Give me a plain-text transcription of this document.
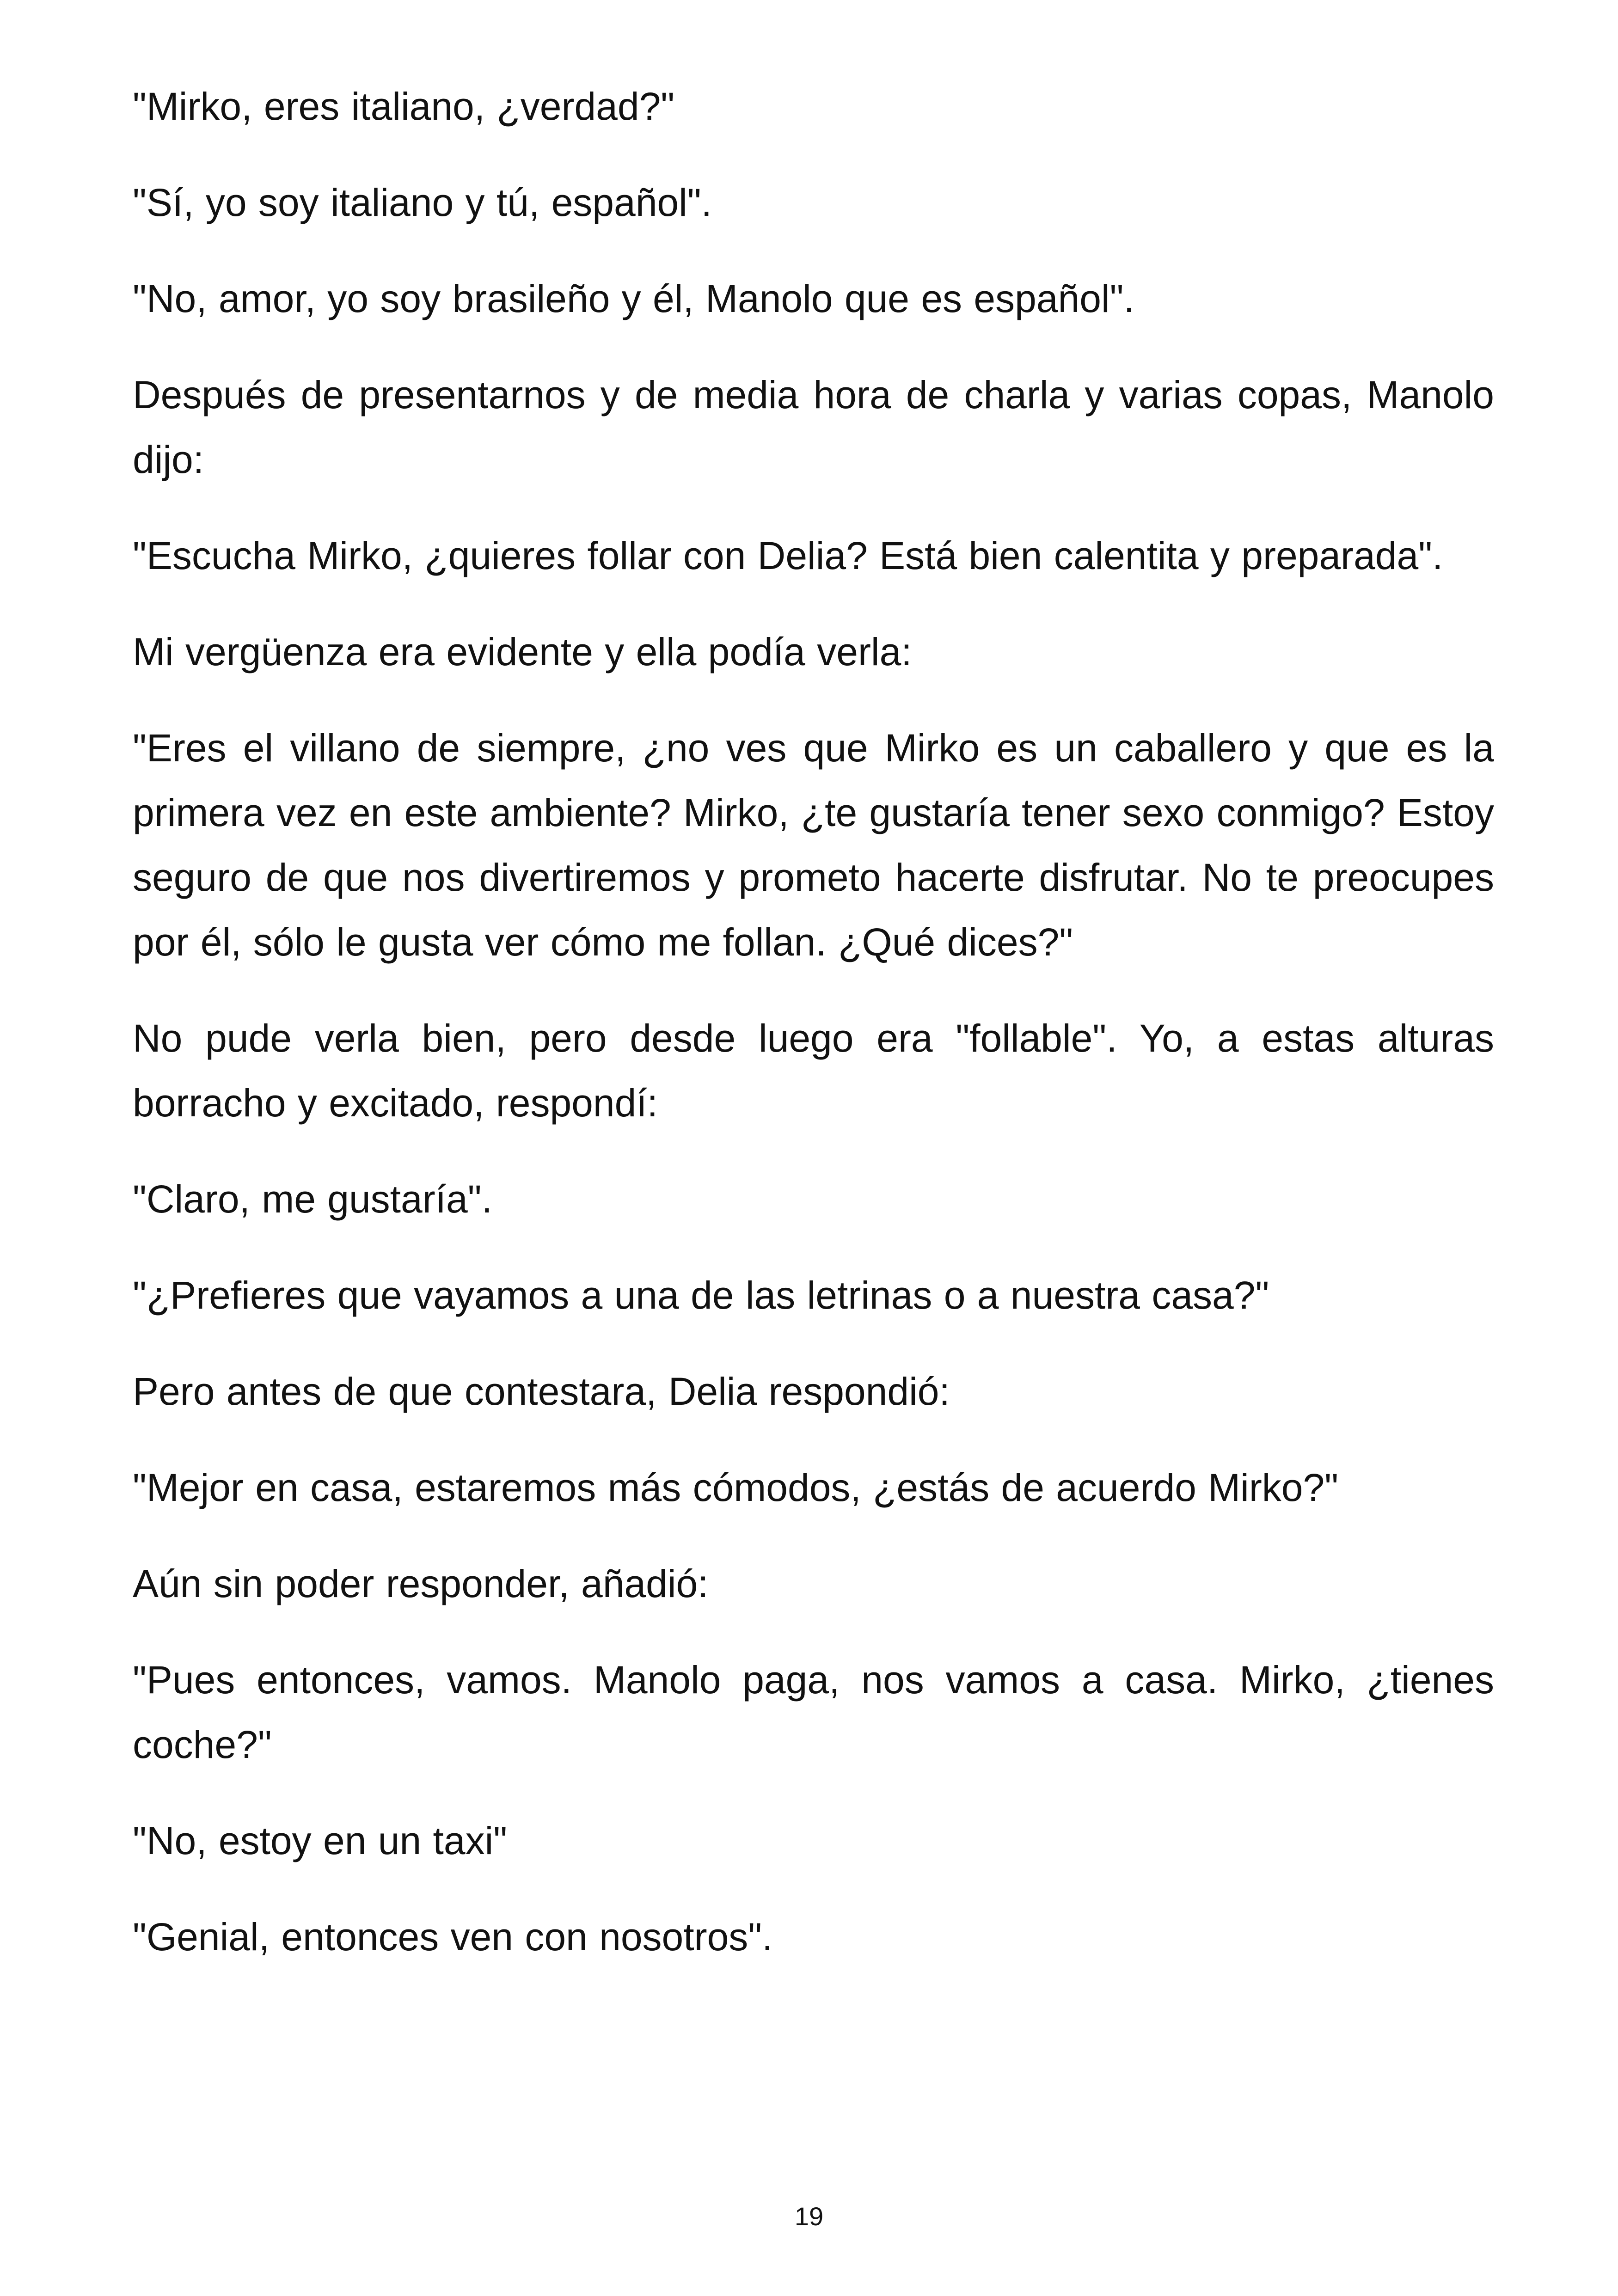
"Mirko, eres italiano, ¿verdad?"

"Sí, yo soy italiano y tú, español".

"No, amor, yo soy brasileño y él, Manolo que es español".

Después de presentarnos y de media hora de charla y varias copas, Manolo dijo:

"Escucha Mirko, ¿quieres follar con Delia? Está bien calentita y preparada".

Mi vergüenza era evidente y ella podía verla:

"Eres el villano de siempre, ¿no ves que Mirko es un caballero y que es la primera vez en este ambiente? Mirko, ¿te gustaría tener sexo conmigo? Estoy seguro de que nos divertiremos y prometo hacerte disfrutar. No te preocupes por él, sólo le gusta ver cómo me follan. ¿Qué dices?"

No pude verla bien, pero desde luego era "follable". Yo, a estas alturas borracho y excitado, respondí:

"Claro, me gustaría".

"¿Prefieres que vayamos a una de las letrinas o a nuestra casa?"

Pero antes de que contestara, Delia respondió:

"Mejor en casa, estaremos más cómodos, ¿estás de acuerdo Mirko?"

Aún sin poder responder, añadió:

"Pues entonces, vamos. Manolo paga, nos vamos a casa. Mirko, ¿tienes coche?"

"No, estoy en un taxi"

"Genial, entonces ven con nosotros".

19
